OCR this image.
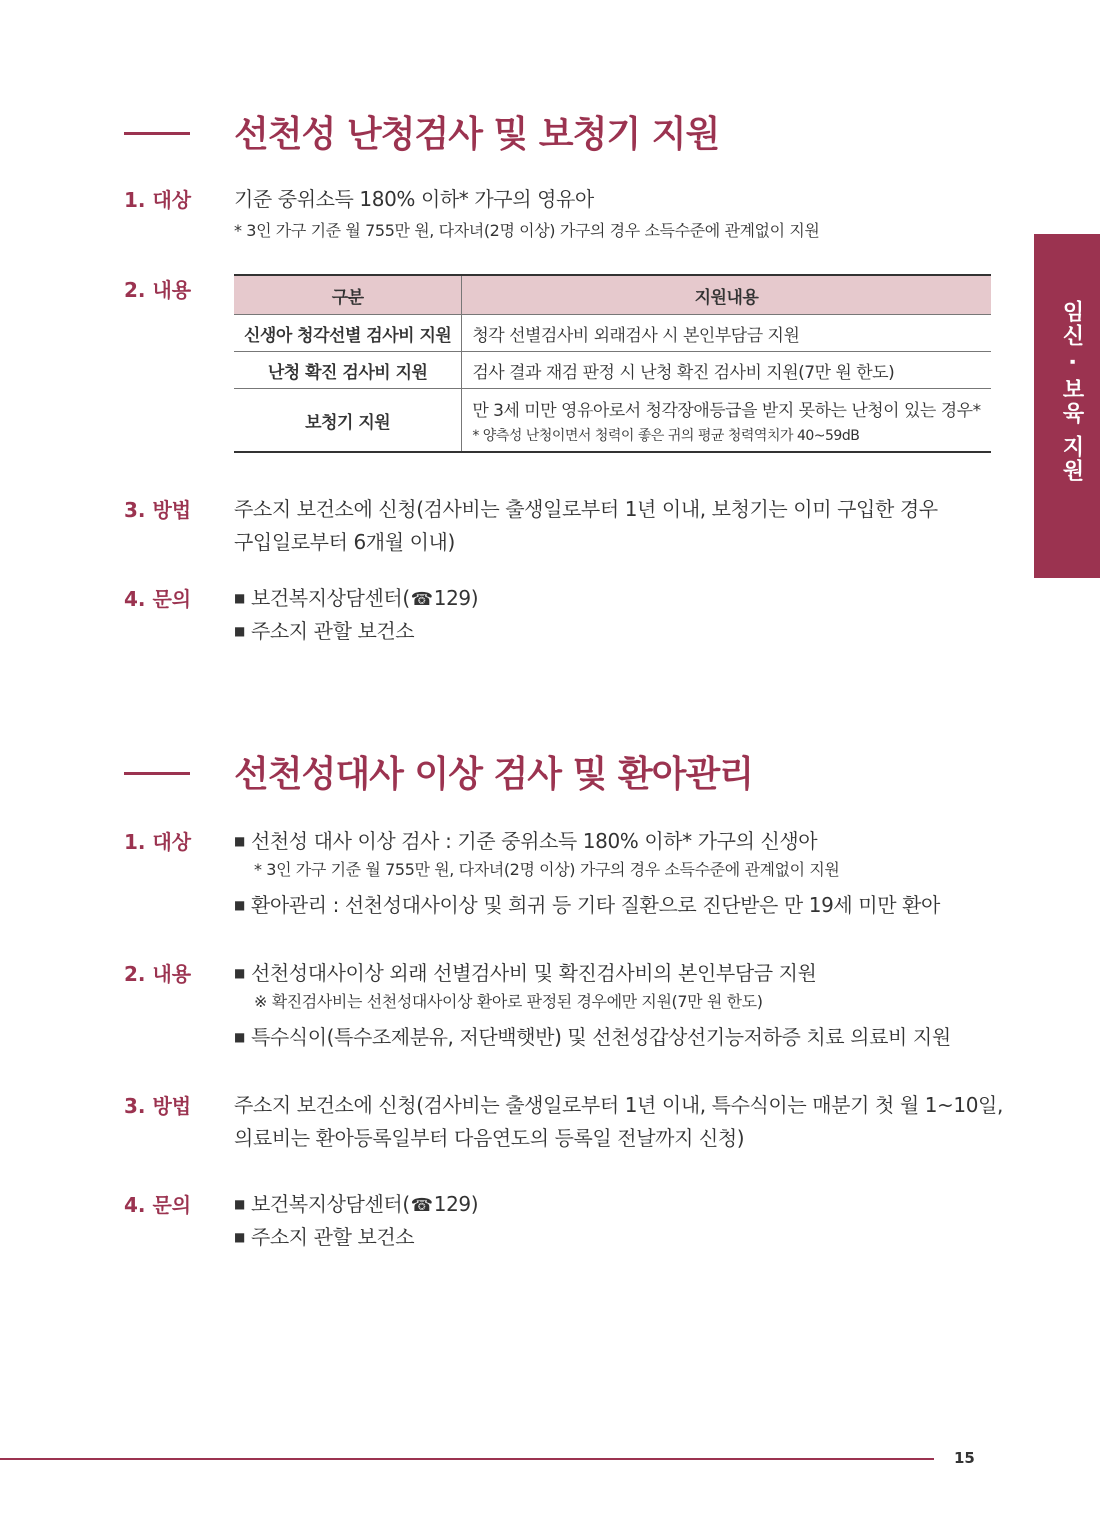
임신 · 보육 지원
선천성 난청검사 및 보청기 지원
1. 대상 기준 중위소득 180% 이하* 가구의 영유아
* 3인 가구 기준 월 755만 원, 다자녀(2명 이상) 가구의 경우 소득수준에 관계없이 지원
2. 내용	구분	지원내용
신생아 청각선별 검사비 지원	청각 선별검사비 외래검사 시 본인부담금 지원
난청 확진 검사비 지원	검사 결과 재검 판정 시 난청 확진 검사비 지원(7만 원 한도)
보청기 지원	만 3세 미만 영유아로서 청각장애등급을 받지 못하는 난청이 있는 경우*
* 양측성 난청이면서 청력이 좋은 귀의 평균 청력역치가 40~59dB
3. 방법 주소지 보건소에 신청(검사비는 출생일로부터 1년 이내, 보청기는 이미 구입한 경우
구입일로부터 6개월 이내)
4. 문의	■ 보건복지상담센터(☎129)
■ 주소지 관할 보건소
선천성대사 이상 검사 및 환아관리
1. 대상	■ 선천성 대사 이상 검사 : 기준 중위소득 180% 이하* 가구의 신생아
* 3인 가구 기준 월 755만 원, 다자녀(2명 이상) 가구의 경우 소득수준에 관계없이 지원
■ 환아관리 : 선천성대사이상 및 희귀 등 기타 질환으로 진단받은 만 19세 미만 환아
2. 내용	■ 선천성대사이상 외래 선별검사비 및 확진검사비의 본인부담금 지원
※ 확진검사비는 선천성대사이상 환아로 판정된 경우에만 지원(7만 원 한도)
■ 특수식이(특수조제분유, 저단백햇반) 및 선천성갑상선기능저하증 치료 의료비 지원
3. 방법 주소지 보건소에 신청(검사비는 출생일로부터 1년 이내, 특수식이는 매분기 첫 월 1~10일,
의료비는 환아등록일부터 다음연도의 등록일 전날까지 신청)
4. 문의	■ 보건복지상담센터(☎129)
■ 주소지 관할 보건소
15
